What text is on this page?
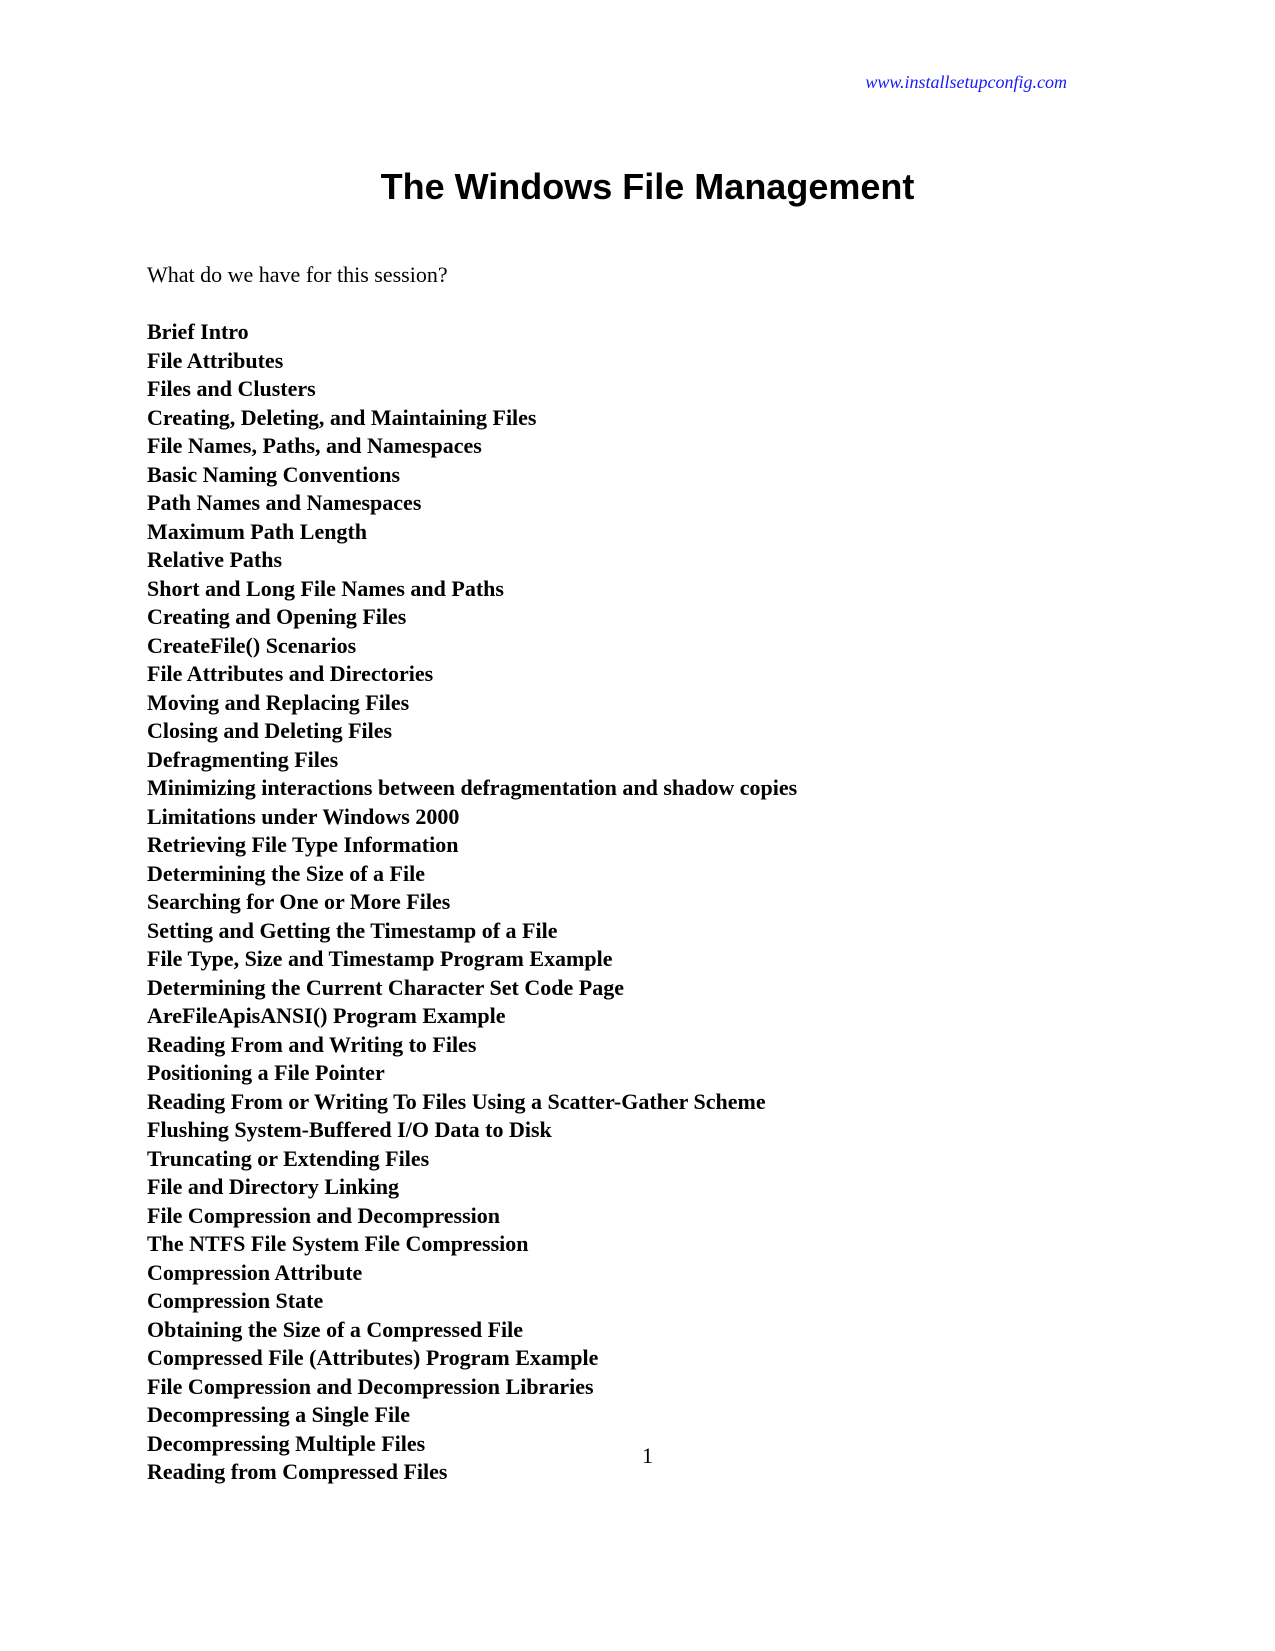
www.installsetupconfig.com
The Windows File Management

What do we have for this session?

Brief Intro
File Attributes
Files and Clusters
Creating, Deleting, and Maintaining Files
File Names, Paths, and Namespaces
Basic Naming Conventions
Path Names and Namespaces
Maximum Path Length
Relative Paths
Short and Long File Names and Paths
Creating and Opening Files
CreateFile() Scenarios
File Attributes and Directories
Moving and Replacing Files
Closing and Deleting Files
Defragmenting Files
Minimizing interactions between defragmentation and shadow copies
Limitations under Windows 2000
Retrieving File Type Information
Determining the Size of a File
Searching for One or More Files
Setting and Getting the Timestamp of a File
File Type, Size and Timestamp Program Example
Determining the Current Character Set Code Page
AreFileApisANSI() Program Example
Reading From and Writing to Files
Positioning a File Pointer
Reading From or Writing To Files Using a Scatter-Gather Scheme
Flushing System-Buffered I/O Data to Disk
Truncating or Extending Files
File and Directory Linking
File Compression and Decompression
The NTFS File System File Compression
Compression Attribute
Compression State
Obtaining the Size of a Compressed File
Compressed File (Attributes) Program Example
File Compression and Decompression Libraries
Decompressing a Single File
Decompressing Multiple Files
Reading from Compressed Files
1
